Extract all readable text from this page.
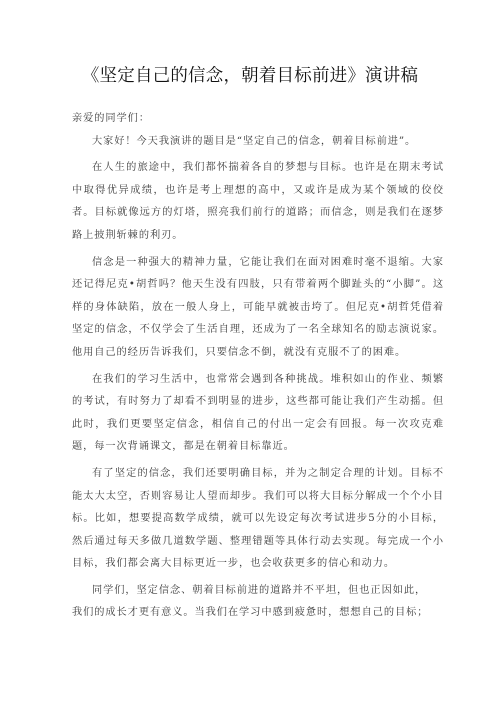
《坚定自己的信念，朝着目标前进》演讲稿

亲爱的同学们：

大家好！今天我演讲的题目是“坚定自己的信念，朝着目标前进”。

在人生的旅途中，我们都怀揣着各自的梦想与目标。也许是在期末考试中取得优异成绩，也许是考上理想的高中，又或许是成为某个领域的佼佼者。目标就像远方的灯塔，照亮我们前行的道路；而信念，则是我们在逐梦路上披荆斩棘的利刃。

信念是一种强大的精神力量，它能让我们在面对困难时毫不退缩。大家还记得尼克•胡哲吗？他天生没有四肢，只有带着两个脚趾头的“小脚”。这样的身体缺陷，放在一般人身上，可能早就被击垮了。但尼克•胡哲凭借着坚定的信念，不仅学会了生活自理，还成为了一名全球知名的励志演说家。他用自己的经历告诉我们，只要信念不倒，就没有克服不了的困难。

在我们的学习生活中，也常常会遇到各种挑战。堆积如山的作业、频繁的考试，有时努力了却看不到明显的进步，这些都可能让我们产生动摇。但此时，我们更要坚定信念，相信自己的付出一定会有回报。每一次攻克难题，每一次背诵课文，都是在朝着目标靠近。

有了坚定的信念，我们还要明确目标，并为之制定合理的计划。目标不能太大太空，否则容易让人望而却步。我们可以将大目标分解成一个个小目标。比如，想要提高数学成绩，就可以先设定每次考试进步5分的小目标，然后通过每天多做几道数学题、整理错题等具体行动去实现。每完成一个小目标，我们都会离大目标更近一步，也会收获更多的信心和动力。

同学们，坚定信念、朝着目标前进的道路并不平坦，但也正因如此，
我们的成长才更有意义。当我们在学习中感到疲惫时，想想自己的目标；
